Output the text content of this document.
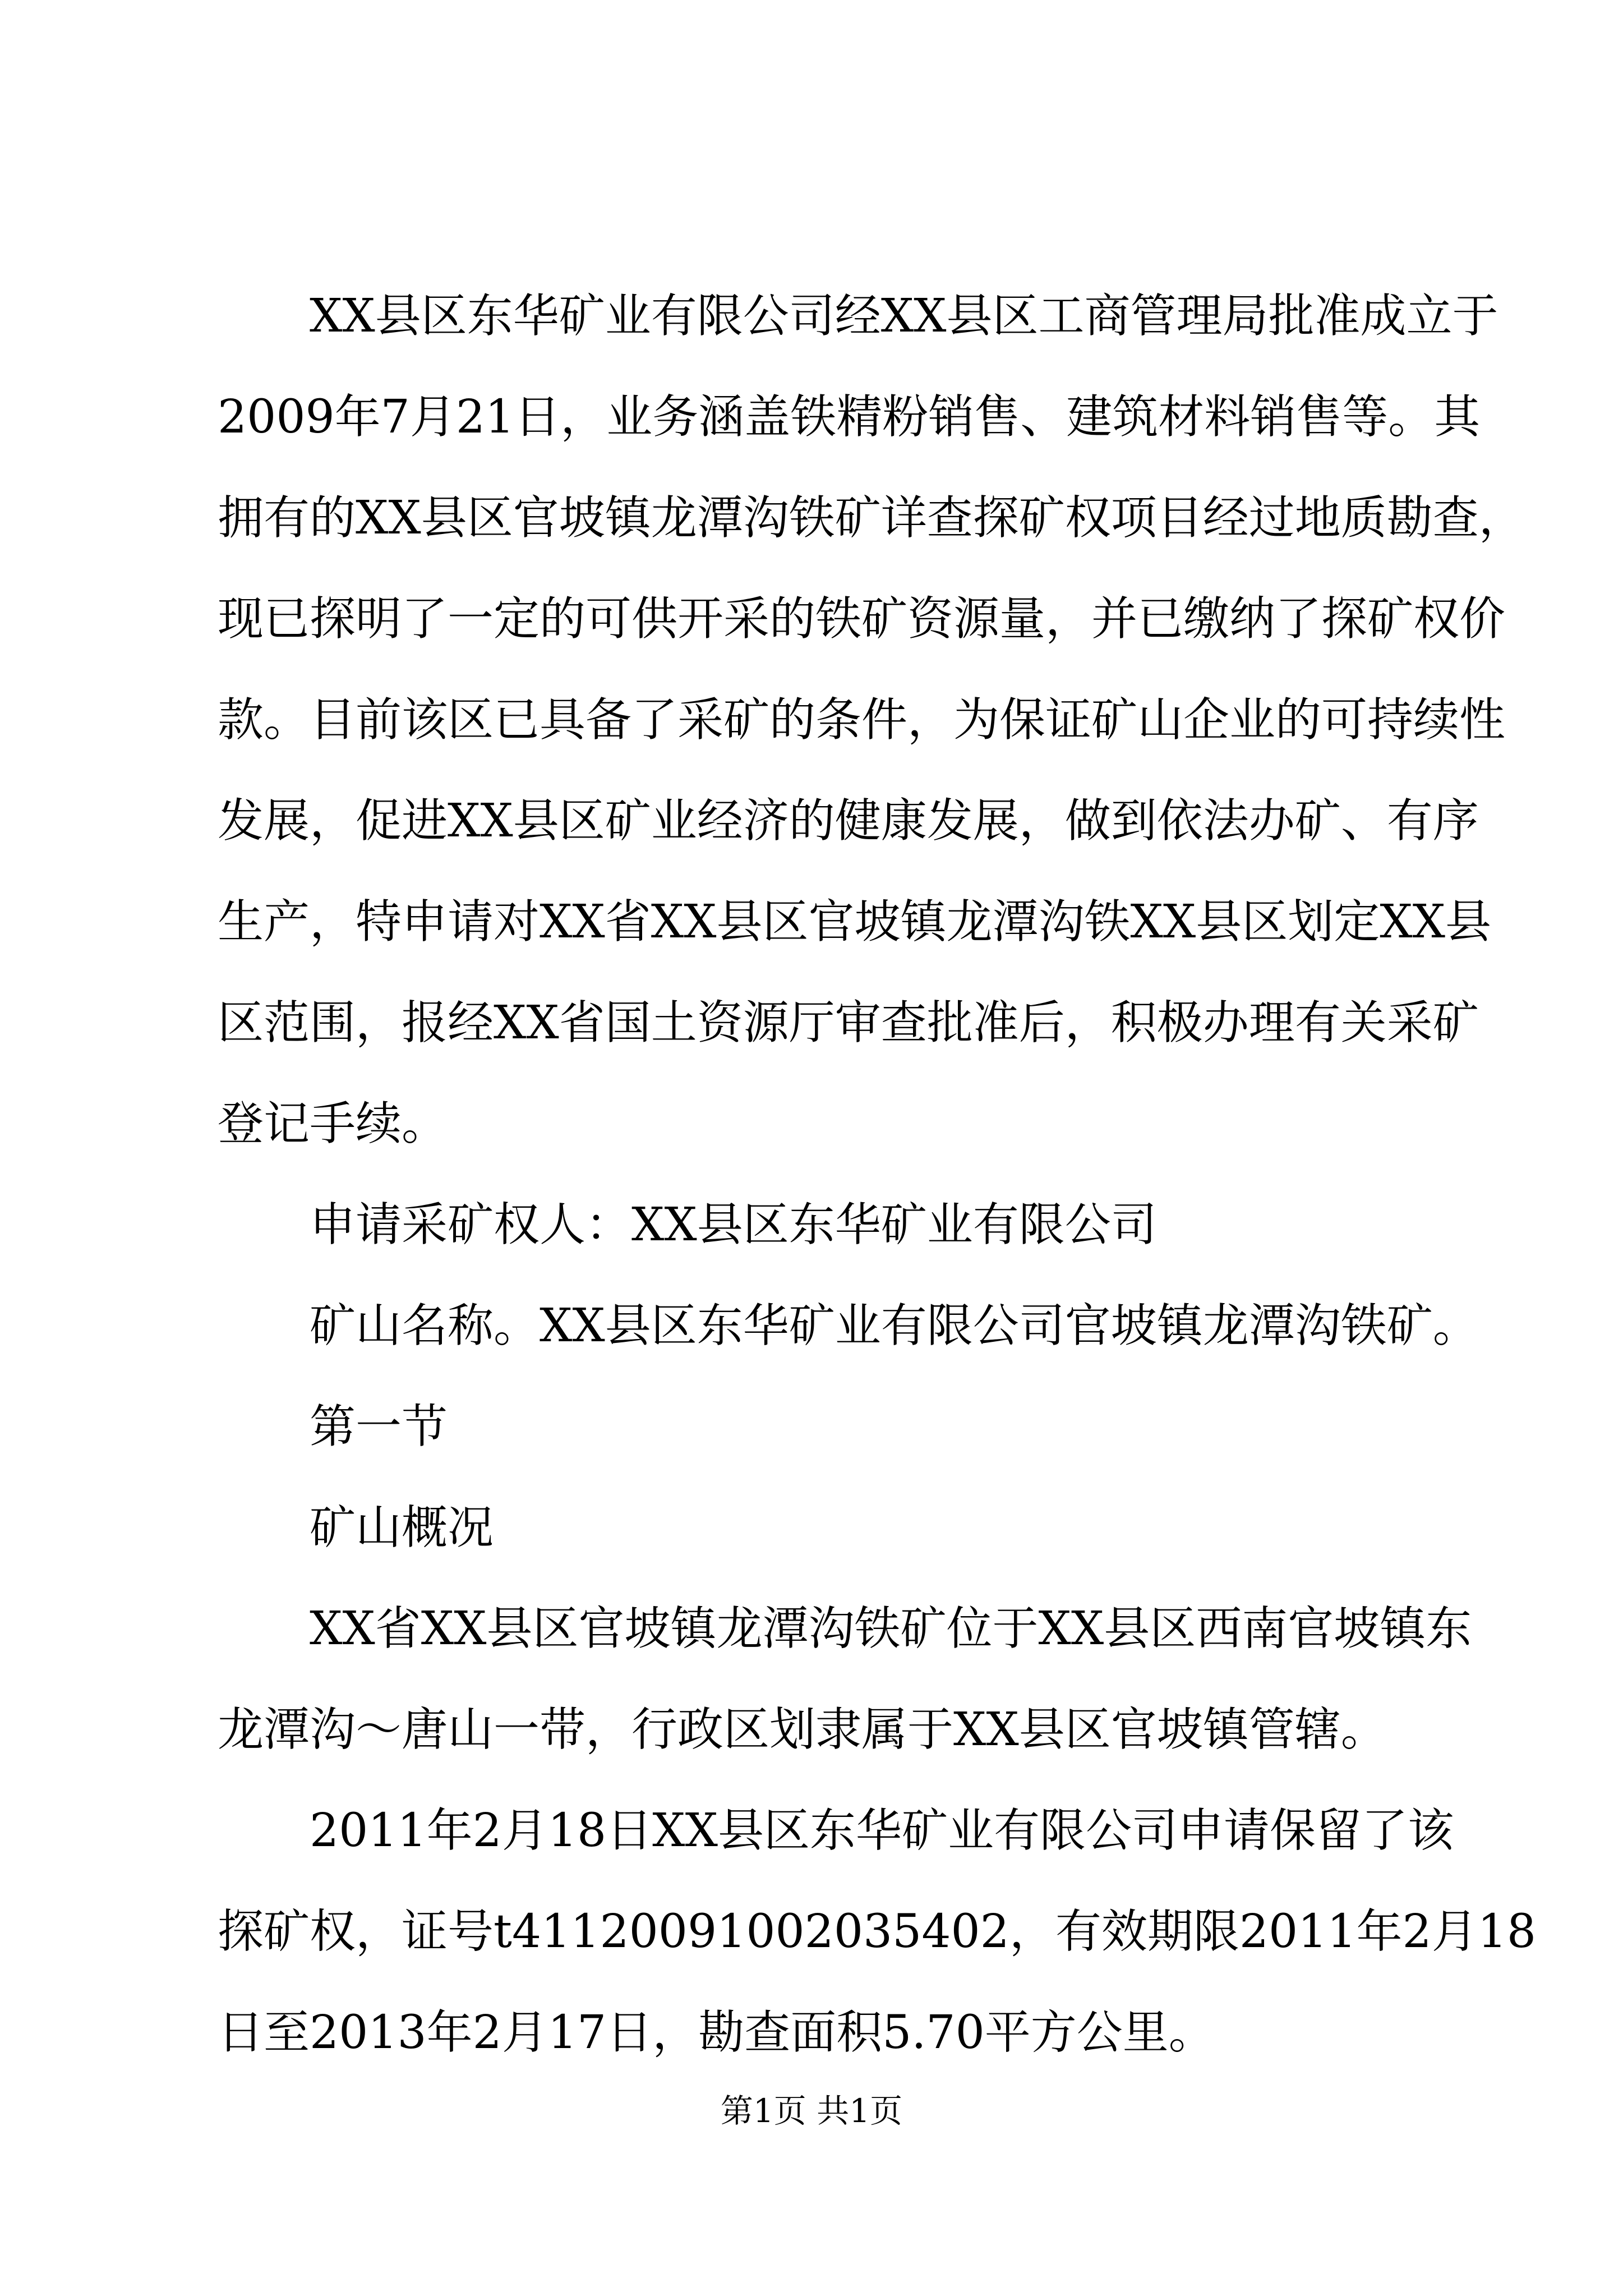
　　XX县区东华矿业有限公司经XX县区工商管理局批准成立于
2009年7月21日，业务涵盖铁精粉销售、建筑材料销售等。其
拥有的XX县区官坡镇龙潭沟铁矿详查探矿权项目经过地质勘查，
现已探明了一定的可供开采的铁矿资源量，并已缴纳了探矿权价
款。目前该区已具备了采矿的条件，为保证矿山企业的可持续性
发展，促进XX县区矿业经济的健康发展，做到依法办矿、有序
生产，特申请对XX省XX县区官坡镇龙潭沟铁XX县区划定XX县
区范围，报经XX省国土资源厅审查批准后，积极办理有关采矿
登记手续。
　　申请采矿权人：XX县区东华矿业有限公司
　　矿山名称。XX县区东华矿业有限公司官坡镇龙潭沟铁矿。
　　第一节
　　矿山概况
　　XX省XX县区官坡镇龙潭沟铁矿位于XX县区西南官坡镇东
龙潭沟～唐山一带，行政区划隶属于XX县区官坡镇管辖。
　　2011年2月18日XX县区东华矿业有限公司申请保留了该
探矿权，证号t41120091002035402，有效期限2011年2月18
日至2013年2月17日，勘查面积5.70平方公里。
第1页 共1页
